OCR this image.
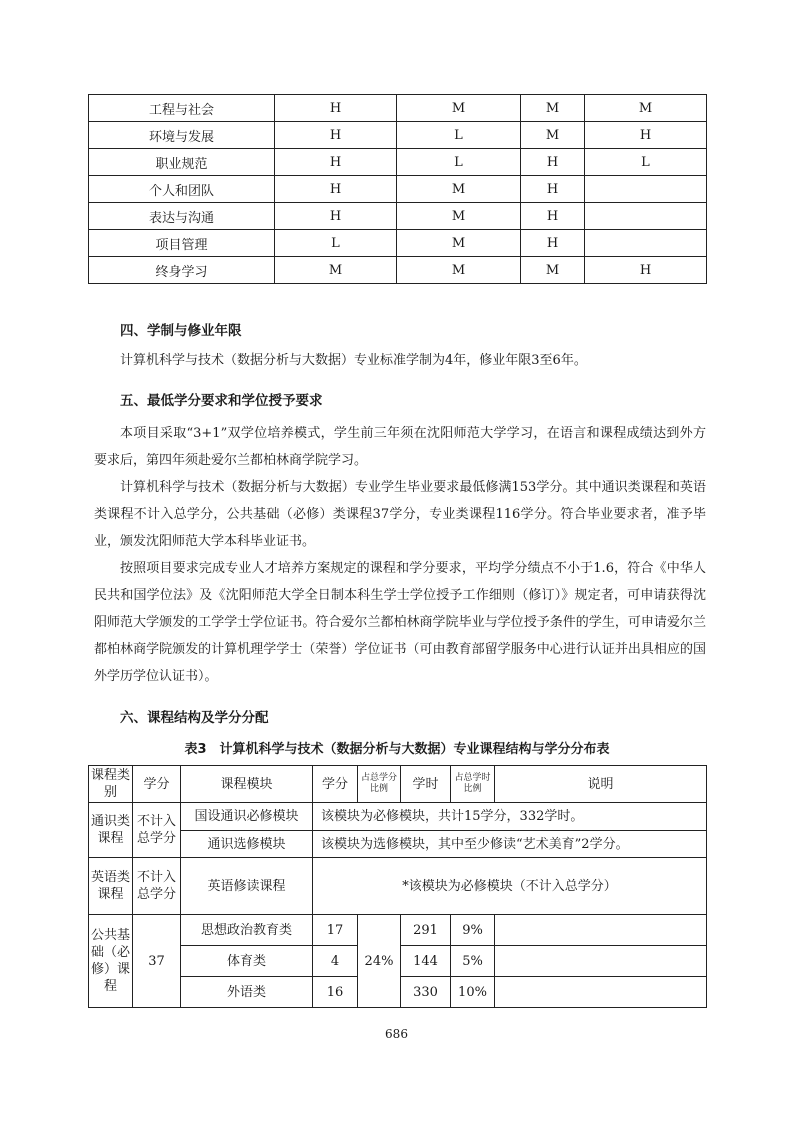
工程与社会	H	M	M	M
环境与发展	H	L	M	H
职业规范	H	L	H	L
个人和团队	H	M	H	
表达与沟通	H	M	H	
项目管理	L	M	H	
终身学习	M	M	M	H
四、学制与修业年限

计算机科学与技术（数据分析与大数据）专业标准学制为4年，修业年限3至6年。

五、最低学分要求和学位授予要求

本项目采取“3+1”双学位培养模式，学生前三年须在沈阳师范大学学习，在语言和课程成绩达到外方要求后，第四年须赴爱尔兰都柏林商学院学习。

计算机科学与技术（数据分析与大数据）专业学生毕业要求最低修满153学分。其中通识类课程和英语类课程不计入总学分，公共基础（必修）类课程37学分，专业类课程116学分。符合毕业要求者，准予毕业，颁发沈阳师范大学本科毕业证书。

按照项目要求完成专业人才培养方案规定的课程和学分要求，平均学分绩点不小于1.6，符合《中华人民共和国学位法》及《沈阳师范大学全日制本科生学士学位授予工作细则（修订）》规定者，可申请获得沈阳师范大学颁发的工学学士学位证书。符合爱尔兰都柏林商学院毕业与学位授予条件的学生，可申请爱尔兰都柏林商学院颁发的计算机理学学士（荣誉）学位证书（可由教育部留学服务中心进行认证并出具相应的国外学历学位认证书）。

六、课程结构及学分分配
表3　计算机科学与技术（数据分析与大数据）专业课程结构与学分分布表
课程类别	学分	课程模块	学分	占总学分比例	学时	占总学时比例	说明
通识类课程	不计入总学分	国设通识必修模块	该模块为必修模块，共计15学分，332学时。				
		通识选修模块	该模块为选修模块，其中至少修读“艺术美育”2学分。				
英语类课程	不计入总学分	英语修读课程	*该模块为必修模块（不计入总学分）				
公共基础（必修）课程	37	思想政治教育类	17	24%	291	9%	
		体育类	4		144	5%	
		外语类	16		330	10%	
686
